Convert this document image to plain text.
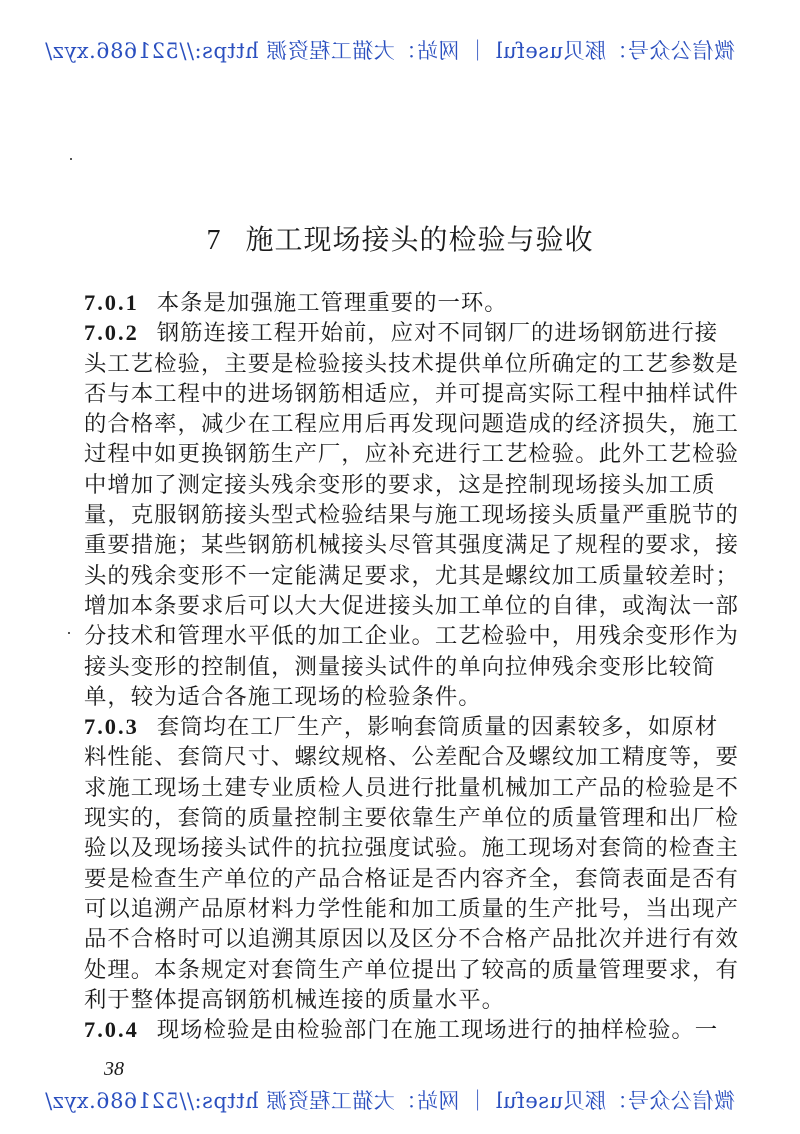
微信公众号：豚贝useful ｜ 网站：大猫工程资源 https://521686.xyz/
7 施工现场接头的检验与验收
7.0.1 本条是加强施工管理重要的一环。
7.0.2 钢筋连接工程开始前，应对不同钢厂的进场钢筋进行接
头工艺检验，主要是检验接头技术提供单位所确定的工艺参数是
否与本工程中的进场钢筋相适应，并可提高实际工程中抽样试件
的合格率，减少在工程应用后再发现问题造成的经济损失，施工
过程中如更换钢筋生产厂，应补充进行工艺检验。此外工艺检验
中增加了测定接头残余变形的要求，这是控制现场接头加工质
量，克服钢筋接头型式检验结果与施工现场接头质量严重脱节的
重要措施；某些钢筋机械接头尽管其强度满足了规程的要求，接
头的残余变形不一定能满足要求，尤其是螺纹加工质量较差时；
增加本条要求后可以大大促进接头加工单位的自律，或淘汰一部
分技术和管理水平低的加工企业。工艺检验中，用残余变形作为
接头变形的控制值，测量接头试件的单向拉伸残余变形比较简
单，较为适合各施工现场的检验条件。
7.0.3 套筒均在工厂生产，影响套筒质量的因素较多，如原材
料性能、套筒尺寸、螺纹规格、公差配合及螺纹加工精度等，要
求施工现场土建专业质检人员进行批量机械加工产品的检验是不
现实的，套筒的质量控制主要依靠生产单位的质量管理和出厂检
验以及现场接头试件的抗拉强度试验。施工现场对套筒的检查主
要是检查生产单位的产品合格证是否内容齐全，套筒表面是否有
可以追溯产品原材料力学性能和加工质量的生产批号，当出现产
品不合格时可以追溯其原因以及区分不合格产品批次并进行有效
处理。本条规定对套筒生产单位提出了较高的质量管理要求，有
利于整体提高钢筋机械连接的质量水平。
7.0.4 现场检验是由检验部门在施工现场进行的抽样检验。一
38
微信公众号：豚贝useful ｜ 网站：大猫工程资源 https://521686.xyz/
